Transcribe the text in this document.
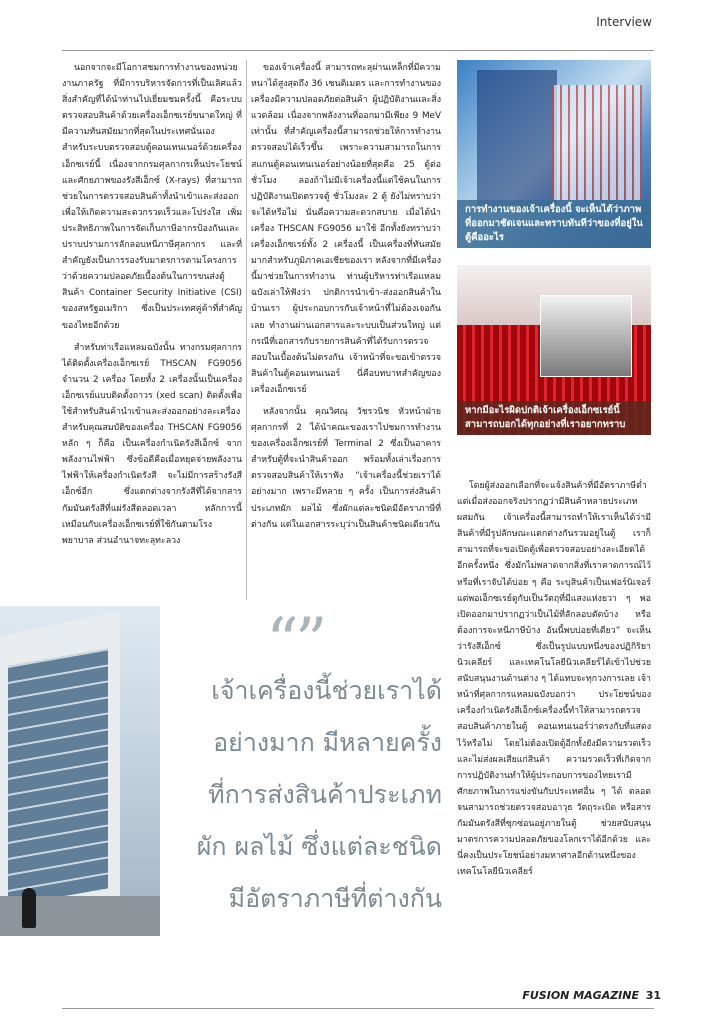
Interview

นอกจากจะมีโอกาสชมการทำงานของหน่วยงานภาครัฐ ที่มีการบริหารจัดการที่เป็นเลิศแล้ว สิ่งสำคัญที่ได้นำท่านไปเยี่ยมชมครั้งนี้ คือระบบตรวจสอบสินค้าด้วยเครื่องเอ็กซเรย์ขนาดใหญ่ ที่มีความทันสมัยมากที่สุดในประเทศนั่นเอง สำหรับระบบตรวจสอบตู้คอนเทนเนอร์ด้วยเครื่องเอ็กซเรย์นี้ เนื่องจากกรมศุลกากรเห็นประโยชน์และศักยภาพของรังสีเอ็กซ์ (X-rays) ที่สามารถช่วยในการตรวจสอบสินค้าทั้งนำเข้าและส่งออก เพื่อให้เกิดความสะดวกรวดเร็วและโปร่งใส เพิ่มประสิทธิภาพในการจัดเก็บภาษีอากรป้องกันและปราบปรามการลักลอบหนีภาษีศุลกากร และที่สำคัญยังเป็นการรองรับมาตรการตามโครงการว่าด้วยความปลอดภัยเบื้องต้นในการขนส่งตู้สินค้า Container Security Initiative (CSI) ของสหรัฐอเมริกา ซึ่งเป็นประเทศคู่ค้าที่สำคัญของไทยอีกด้วย

สำหรับท่าเรือแหลมฉบังนั้น ทางกรมศุลกากรได้ติดตั้งเครื่องเอ็กซเรย์ THSCAN FG9056 จำนวน 2 เครื่อง โดยทั้ง 2 เครื่องนั้นเป็นเครื่องเอ็กซเรย์แบบติดตั้งถาวร (xed scan) ติดตั้งเพื่อใช้สำหรับสินค้านำเข้าและส่งออกอย่างละเครื่อง สำหรับคุณสมบัติของเครื่อง THSCAN FG9056 หลัก ๆ ก็คือ เป็นเครื่องกำเนิดรังสีเอ็กซ์ จากพลังงานไฟฟ้า ซึ่งข้อดีคือเมื่อหยุดจ่ายพลังงานไฟฟ้าให้เครื่องกำเนิดรังสี จะไม่มีการสร้างรังสีเอ็กซ์อีก ซึ่งแตกต่างจากรังสีที่ได้จากสารกัมมันตรังสีที่แผ่รังสีตลอดเวลา หลักการนี้เหมือนกับเครื่องเอ็กซเรย์ที่ใช้กันตามโรงพยาบาล ส่วนอำนาจทะลุทะลวง

ของเจ้าเครื่องนี้ สามารถทะลุผ่านเหล็กที่มีความหนาได้สูงสุดถึง 36 เซนติเมตร และการทำงานของเครื่องมีความปลอดภัยต่อสินค้า ผู้ปฏิบัติงานและสิ่งแวดล้อม เนื่องจากพลังงานที่ออกมามีเพียง 9 MeV เท่านั้น ที่สำคัญเครื่องนี้สามารถช่วยให้การทำงานตรวจสอบได้เร็วขึ้น เพราะความสามารถในการสแกนตู้คอนเทนเนอร์อย่างน้อยที่สุดคือ 25 ตู้ต่อชั่วโมง ลองถ้าไม่มีเจ้าเครื่องนี้แต่ใช้คนในการปฏิบัติงานเปิดตรวจตู้ ชั่วโมงละ 2 ตู้ ยังไม่ทราบว่าจะได้หรือไม่ นั่นคือความสะดวกสบาย เมื่อได้นำเครื่อง THSCAN FG9056 มาใช้ อีกทั้งยังทราบว่าเครื่องเอ็กซเรย์ทั้ง 2 เครื่องนี้ เป็นเครื่องที่ทันสมัยมากสำหรับภูมิภาคเอเชียของเรา หลังจากที่มีเครื่องนี้มาช่วยในการทำงาน ท่านผู้บริหารท่าเรือแหลมฉบังเล่าให้ฟังว่า ปกติการนำเข้า-ส่งออกสินค้าในบ้านเรา ผู้ประกอบการกับเจ้าหน้าที่ไม่ต้องเจอกันเลย ทำงานผ่านเอกสารและระบบเป็นส่วนใหญ่ แต่กรณีที่เอกสารกับรายการสินค้าที่ได้รับการตรวจสอบในเบื้องต้นไม่ตรงกัน เจ้าหน้าที่จะขอเข้าตรวจสินค้าในตู้คอนเทนเนอร์ นี่คือบทบาทสำคัญของเครื่องเอ็กซเรย์

หลังจากนั้น คุณวิศณุ วัชรวนิช หัวหน้าฝ่ายศุลกากรที่ 2 ได้นำคณะของเราไปชมการทำงานของเครื่องเอ็กซเรย์ที่ Terminal 2 ซึ่งเป็นอาคารสำหรับตู้ที่จะนำสินค้าออก พร้อมทั้งเล่าเรื่องการตรวจสอบสินค้าให้เราฟัง “เจ้าเครื่องนี้ช่วยเราได้อย่างมาก เพราะมีหลาย ๆ ครั้ง เป็นการส่งสินค้าประเภทผัก ผลไม้ ซึ่งผักแต่ละชนิดมีอัตราภาษีที่ต่างกัน แต่ในเอกสารระบุว่าเป็นสินค้าชนิดเดียวกัน

การทำงานของเจ้าเครื่องนี้ จะเห็นได้ว่าภาพที่ออกมาชัดเจนและทราบทันทีว่าของที่อยู่ในตู้คืออะไร
หากมีอะไรผิดปกติเจ้าเครื่องเอ็กซเรย์นี้สามารถบอกได้ทุกอย่างที่เราอยากทราบ

โดยผู้ส่งออกเลือกที่จะแจ้งสินค้าที่มีอัตราภาษีต่ำ แต่เมื่อส่งออกจริงปรากฏว่ามีสินค้าหลายประเภทผสมกัน เจ้าเครื่องนี้สามารถทำให้เราเห็นได้ว่ามีสินค้าที่มีรูปลักษณะแตกต่างกันรวมอยู่ในตู้ เราก็สามารถที่จะขอเปิดตู้เพื่อตรวจสอบอย่างละเอียดได้อีกครั้งหนึ่ง ซึ่งมักไม่พลาดจากสิ่งที่เราคาดการณ์ไว้ หรือที่เราจับได้บ่อย ๆ คือ ระบุสินค้าเป็นเฟอร์นิเจอร์ แต่พอเอ็กซเรย์ดูกับเป็นวัตถุที่มีแสงแห่งยวา ๆ พอเปิดออกมาปรากฏว่าเป็นไม้ที่ลักลอบตัดบ้าง หรือต้องการจะหนีภาษีบ้าง อันนี้พบบ่อยที่เดียว” จะเห็นว่ารังสีเอ็กซ์ ซึ่งเป็นรูปแบบหนึ่งของปฏิกิริยานิวเคลียร์ และเทคโนโลยีนิวเคลียร์ได้เข้าไปช่วยสนับสนุนงานด้านต่าง ๆ ได้แทบจะทุกวงการเลย เจ้าหน้าที่ศุลกากรแหลมฉบังบอกว่า ประโยชน์ของเครื่องกำเนิดรังสีเอ็กซ์เครื่องนี้ทำให้สามารถตรวจสอบสินค้าภายในตู้ คอนเทนเนอร์ว่าตรงกับที่แสดงไว้หรือไม่ โดยไม่ต้องเปิดตู้อีกทั้งยังมีความรวดเร็วและไม่ส่งผลเสียแก่สินค้า ความรวดเร็วที่เกิดจากการปฏิบัติงานทำให้ผู้ประกอบการของไทยเรามีศักยภาพในการแข่งขันกับประเทศอื่น ๆ ได้ ตลอดจนสามารถช่วยตรวจสอบอาวุธ วัตถุระเบิด หรือสารกัมมันตรังสีที่ซุกซ่อนอยู่ภายในตู้ ช่วยสนับสนุนมาตรการความปลอดภัยของโลกเราได้อีกด้วย และนี่คงเป็นประโยชน์อย่างมหาศาลอีกด้านหนึ่งของเทคโนโลยีนิวเคลียร์

“”
เจ้าเครื่องนี้ช่วยเราได้
อย่างมาก มีหลายครั้ง
ที่การส่งสินค้าประเภท
ผัก ผลไม้ ซึ่งแต่ละชนิด
มีอัตราภาษีที่ต่างกัน
FUSION MAGAZINE 31
